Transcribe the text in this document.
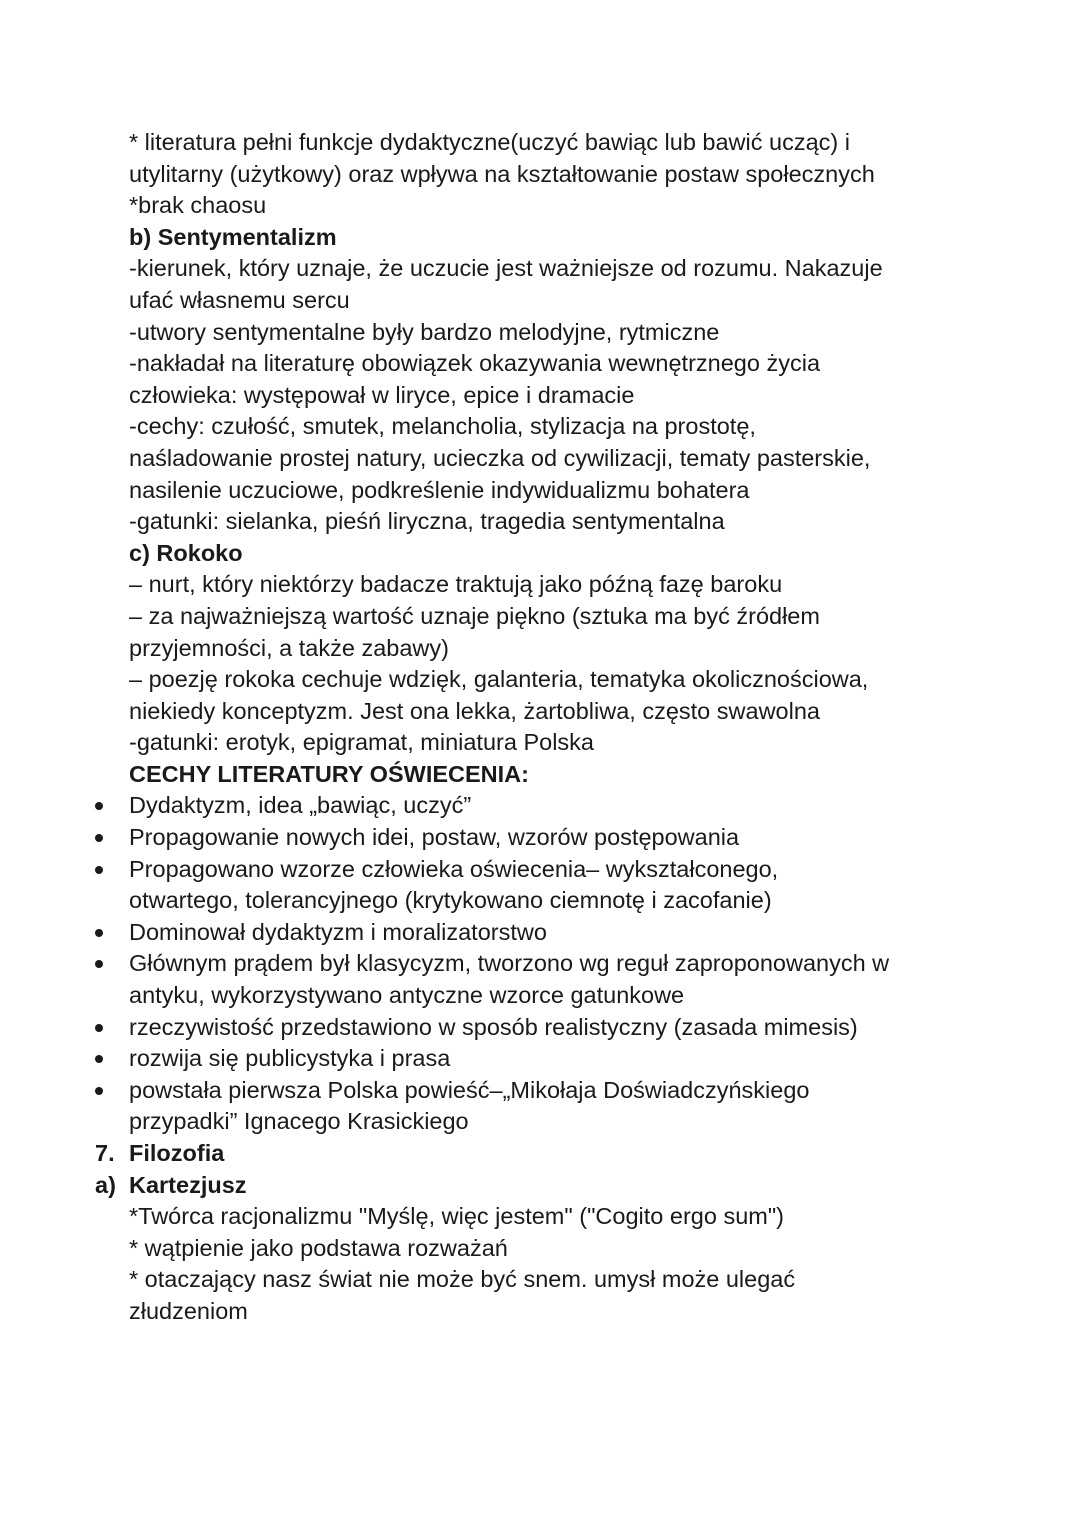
* literatura pełni funkcje dydaktyczne(uczyć bawiąc lub bawić ucząc) i
utylitarny (użytkowy) oraz wpływa na kształtowanie postaw społecznych
*brak chaosu
b) Sentymentalizm
-kierunek, który uznaje, że uczucie jest ważniejsze od rozumu. Nakazuje
ufać własnemu sercu
-utwory sentymentalne były bardzo melodyjne, rytmiczne
-nakładał na literaturę obowiązek okazywania wewnętrznego życia
człowieka: występował w liryce, epice i dramacie
-cechy: czułość, smutek, melancholia, stylizacja na prostotę,
naśladowanie prostej natury, ucieczka od cywilizacji, tematy pasterskie,
nasilenie uczuciowe, podkreślenie indywidualizmu bohatera
-gatunki: sielanka, pieśń liryczna, tragedia sentymentalna
c) Rokoko
– nurt, który niektórzy badacze traktują jako późną fazę baroku
– za najważniejszą wartość uznaje piękno (sztuka ma być źródłem
przyjemności, a także zabawy)
– poezję rokoka cechuje wdzięk, galanteria, tematyka okolicznościowa,
niekiedy konceptyzm. Jest ona lekka, żartobliwa, często swawolna
-gatunki: erotyk, epigramat, miniatura Polska
CECHY LITERATURY OŚWIECENIA:
Dydaktyzm, idea „bawiąc, uczyć”
Propagowanie nowych idei, postaw, wzorów postępowania
Propagowano wzorze człowieka oświecenia– wykształconego,
otwartego, tolerancyjnego (krytykowano ciemnotę i zacofanie)
Dominował dydaktyzm i moralizatorstwo
Głównym prądem był klasycyzm, tworzono wg reguł zaproponowanych w
antyku, wykorzystywano antyczne wzorce gatunkowe
rzeczywistość przedstawiono w sposób realistyczny (zasada mimesis)
rozwija się publicystyka i prasa
powstała pierwsza Polska powieść–„Mikołaja Doświadczyńskiego
przypadki” Ignacego Krasickiego
7. Filozofia
a) Kartezjusz
*Twórca racjonalizmu "Myślę, więc jestem" ("Cogito ergo sum")
* wątpienie jako podstawa rozważań
* otaczający nasz świat nie może być snem. umysł może ulegać
złudzeniom
